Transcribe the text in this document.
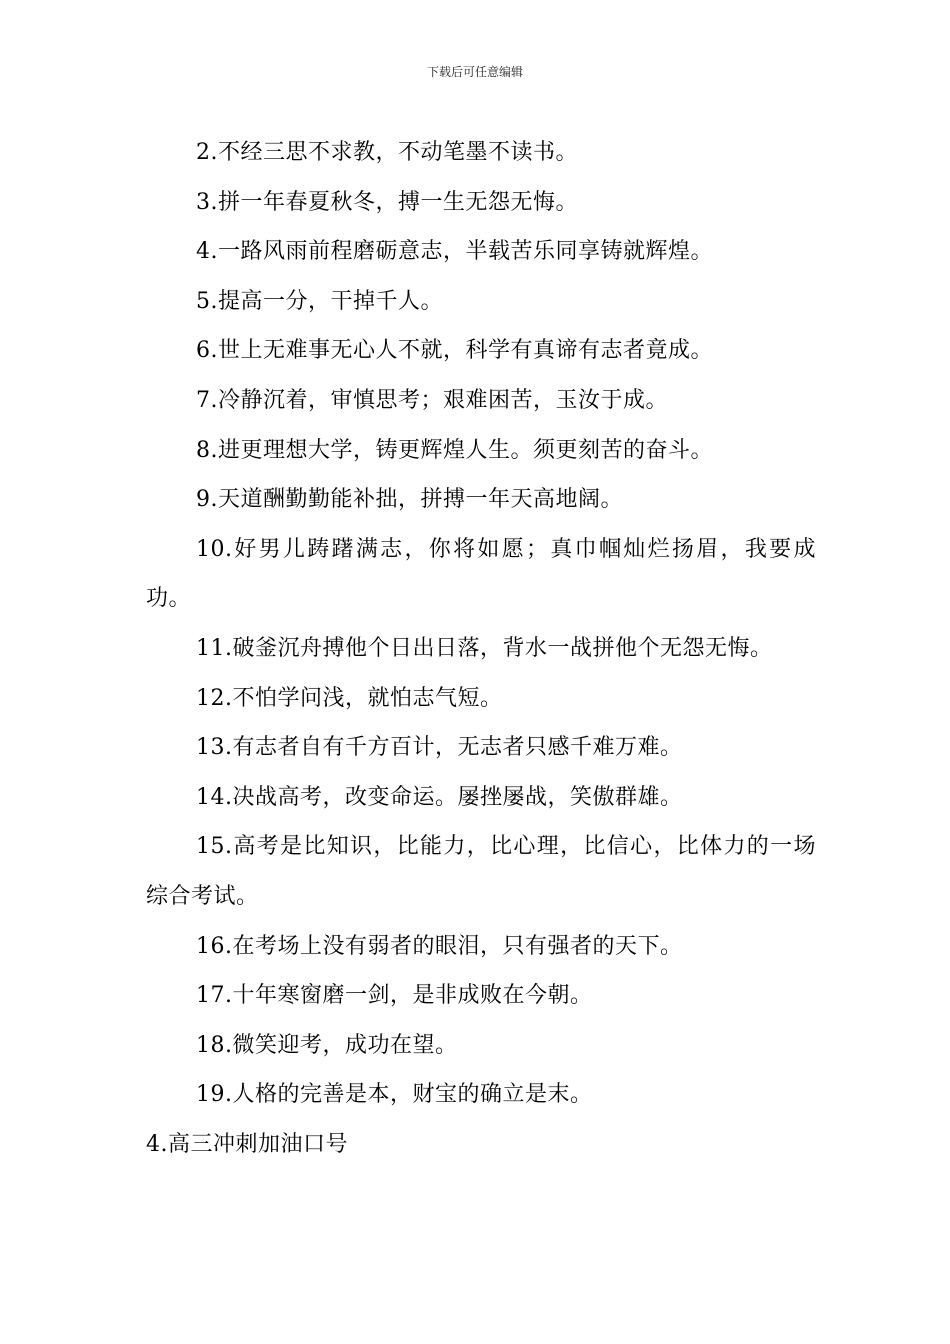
下载后可任意编辑

2.不经三思不求教，不动笔墨不读书。

3.拼一年春夏秋冬，搏一生无怨无悔。

4.一路风雨前程磨砺意志，半载苦乐同享铸就辉煌。

5.提高一分，干掉千人。

6.世上无难事无心人不就，科学有真谛有志者竟成。

7.冷静沉着，审慎思考；艰难困苦，玉汝于成。

8.进更理想大学，铸更辉煌人生。须更刻苦的奋斗。

9.天道酬勤勤能补拙，拼搏一年天高地阔。

10.好男儿踌躇满志，你将如愿；真巾帼灿烂扬眉，我要成功。

11.破釜沉舟搏他个日出日落，背水一战拼他个无怨无悔。

12.不怕学问浅，就怕志气短。

13.有志者自有千方百计，无志者只感千难万难。

14.决战高考，改变命运。屡挫屡战，笑傲群雄。

15.高考是比知识，比能力，比心理，比信心，比体力的一场综合考试。

16.在考场上没有弱者的眼泪，只有强者的天下。

17.十年寒窗磨一剑，是非成败在今朝。

18.微笑迎考，成功在望。

19.人格的完善是本，财宝的确立是末。

4.高三冲刺加油口号
